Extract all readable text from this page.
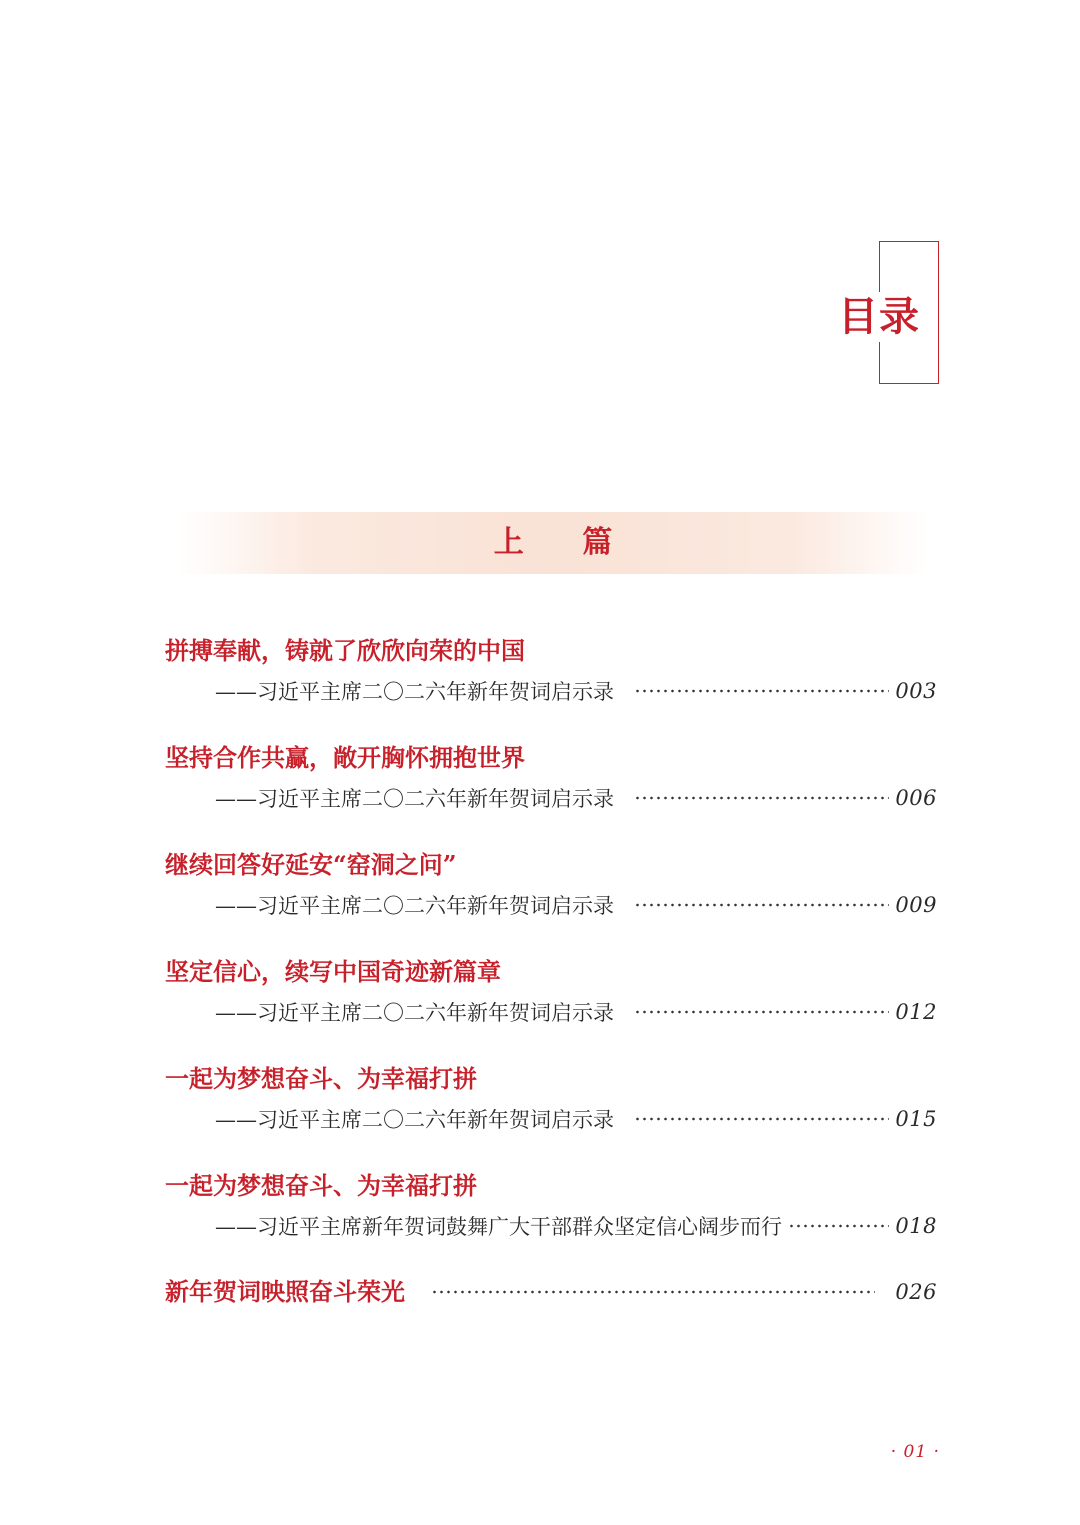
目录
上 篇
拼搏奉献，铸就了欣欣向荣的中国
——习近平主席二〇二六年新年贺词启示录	003
坚持合作共赢，敞开胸怀拥抱世界
——习近平主席二〇二六年新年贺词启示录	006
继续回答好延安“窑洞之问”
——习近平主席二〇二六年新年贺词启示录	009
坚定信心，续写中国奇迹新篇章
——习近平主席二〇二六年新年贺词启示录	012
一起为梦想奋斗、为幸福打拼
——习近平主席二〇二六年新年贺词启示录	015
一起为梦想奋斗、为幸福打拼
——习近平主席新年贺词鼓舞广大干部群众坚定信心阔步而行	018
新年贺词映照奋斗荣光	026
· 01 ·
